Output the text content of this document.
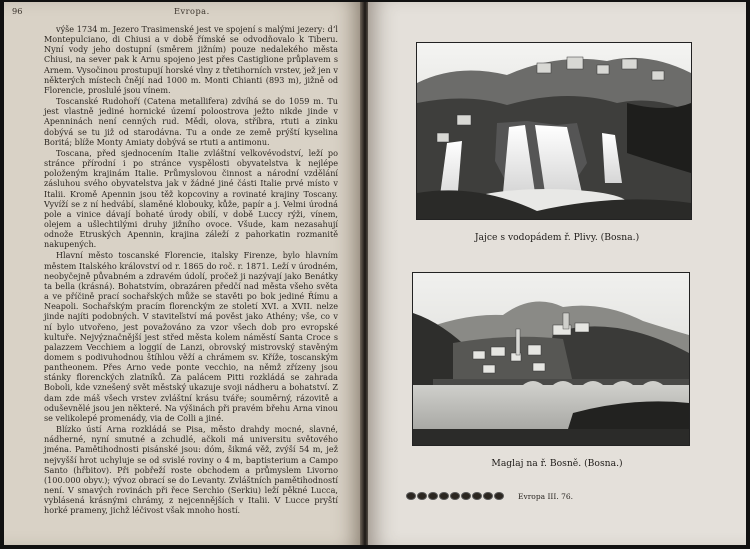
96	Evropa.

výše 1734 m. Jezero Trasimenské jest ve spojení s malými jezery: d‘l Montepulciano, di Chiusi a v době římské se odvodňovalo k Tiberu. Nyní vody jeho dostupní (směrem jižním) pouze nedalekého města Chiusi, na sever pak k Arnu spojeno jest přes Castiglione průplavem s Arnem. Vysočinou prostupují horské vlny z třetihorních vrstev, jež jen v některých místech čnějí nad 1000 m. Monti Chianti (893 m), jižně od Florencie, proslulé jsou vínem.

Toscanské Rudohoří (Catena metallifera) zdvíhá se do 1059 m. Tu jest vlastně jediné hornické území poloostrova ježto nikde jinde v Apenninách není cenných rud. Mědi, olova, stříbra, rtuti a zinku dobývá se tu již od starodávna. Tu a onde ze země prýští kyselina Boritá; blíže Monty Amiaty dobývá se rtuti a antimonu.

Toscana, před sjednocením Italie zvláštní velkovévodství, leží po stránce přírodní i po stránce vyspělosti obyvatelstva k nejlépe položeným krajinám Italie. Průmyslovou činnost a národní vzdělání zásluhou svého obyvatelstva jak v žádné jiné části Italie prvé místo v Italii. Kromě Apennin jsou těž kopcoviny a rovinaté krajiny Toscany. Vyvíží se z ní hedvábí, slaměné klobouky, kůže, papír a j. Velmi úrodná pole a vinice dávají bohaté úrody obilí, v době Luccy rýži, vínem, olejem a ušlechtilými druhy jižního ovoce. Všude, kam nezasahují odnože Etruských Apennin, krajina záleží z pahorkatin rozmanitě nakupených.

Hlavní město toscanské Florencie, italsky Firenze, bylo hlavním městem Italského království od r. 1865 do roč. r. 1871. Leží v úrodném, neobyčejně půvabném a zdravém údolí, pročež ji nazývají jako Benátky ta bella (krásná). Bohatstvím, obrazáren předčí nad města všeho světa a ve příčině prací sochařských může se stavěti po bok jediné Římu a Neapoli. Sochařským pracím florenckým ze století XVI. a XVII. nelze jinde najíti podobných. V staviteľství má pověst jako Athény; vše, co v ní bylo utvořeno, jest považováno za vzor všech dob pro evropské kultuře. Nejvýznačnější jest střed města kolem náměstí Santa Croce s palazzem Vecchiem a loggií de Lanzi, obrovský mistrovský stavěným domem s podivuhodnou štíhlou věží a chrámem sv. Kříže, toscanským pantheonem. Přes Arno vede ponte vecchio, na němž zřízeny jsou stánky florenckých zlatníků. Za palácem Pitti rozkládá se zahrada Boboli, kde vznešený svět městský ukazuje svoji nádheru a bohatství. Z dam zde máš všech vrstev zvláštní krásu tváře; souměrný, rázovitě a oduševnělé jsou jen některé. Na výšinách při pravém břehu Arna vinou se velikolepé promenády, via de Colli a jiné.

Blízko ústí Arna rozkládá se Pisa, město drahdy mocné, slavné, nádherné, nyní smutné a zchudlé, ačkoli má universitu světového jména. Pamětihodnosti pisánské jsou: dóm, šikmá věž, zvýší 54 m, jež nejvyšší hrot uchyluje se od svislé roviny o 4 m, baptisterium a Campo Santo (hřbitov). Při pobřeží roste obchodem a průmyslem Livorno (100.000 obyv.); vývoz obrací se do Levanty. Zvláštních pamětihodností není. V smavých rovinách při řece Serchio (Serkiu) leží pěkné Lucca, vyblásená krásnými chrámy, z nejcennějších v Italii. V Lucce pryští horké prameny, jichž léčivost však mnoho hostí.

Jajce s vodopádem ř. Plivy. (Bosna.)
Maglaj na ř. Bosně. (Bosna.)
Evropa III. 76.
